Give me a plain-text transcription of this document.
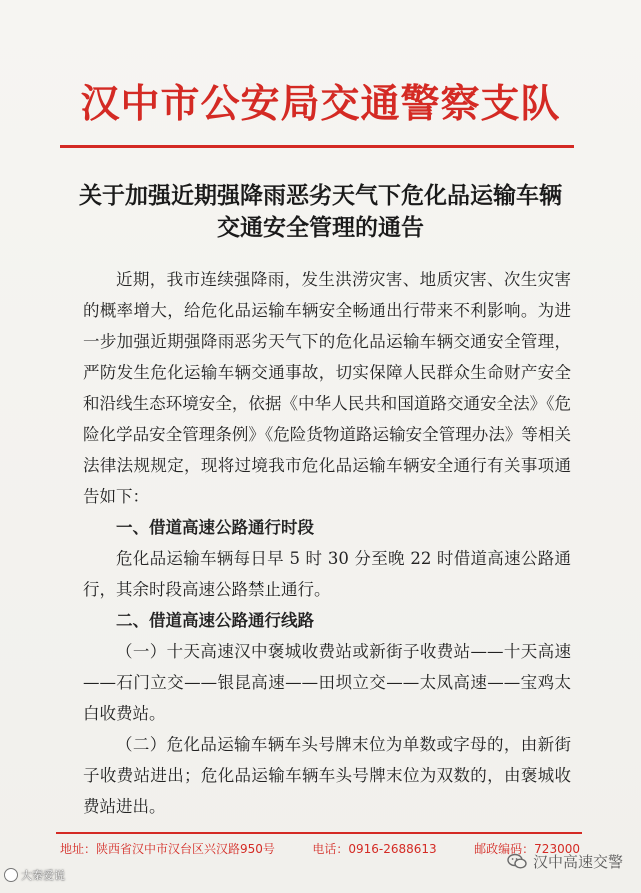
汉中市公安局交通警察支队
关于加强近期强降雨恶劣天气下危化品运输车辆
交通安全管理的通告

近期，我市连续强降雨，发生洪涝灾害、地质灾害、次生灾害的概率增大，给危化品运输车辆安全畅通出行带来不利影响。为进一步加强近期强降雨恶劣天气下的危化品运输车辆交通安全管理，严防发生危化运输车辆交通事故，切实保障人民群众生命财产安全和沿线生态环境安全，依据《中华人民共和国道路交通安全法》《危险化学品安全管理条例》《危险货物道路运输安全管理办法》等相关法律法规规定，现将过境我市危化品运输车辆安全通行有关事项通告如下：

一、借道高速公路通行时段

危化品运输车辆每日早 5 时 30 分至晚 22 时借道高速公路通行，其余时段高速公路禁止通行。

二、借道高速公路通行线路

（一）十天高速汉中褒城收费站或新街子收费站——十天高速——石门立交——银昆高速——田坝立交——太凤高速——宝鸡太白收费站。

（二）危化品运输车辆车头号牌末位为单数或字母的，由新街子收费站进出；危化品运输车辆车头号牌末位为双数的，由褒城收费站进出。

地址：陕西省汉中市汉台区兴汉路950号	电话：0916-2688613	邮政编码：723000
大秦爱说
汉中高速交警
